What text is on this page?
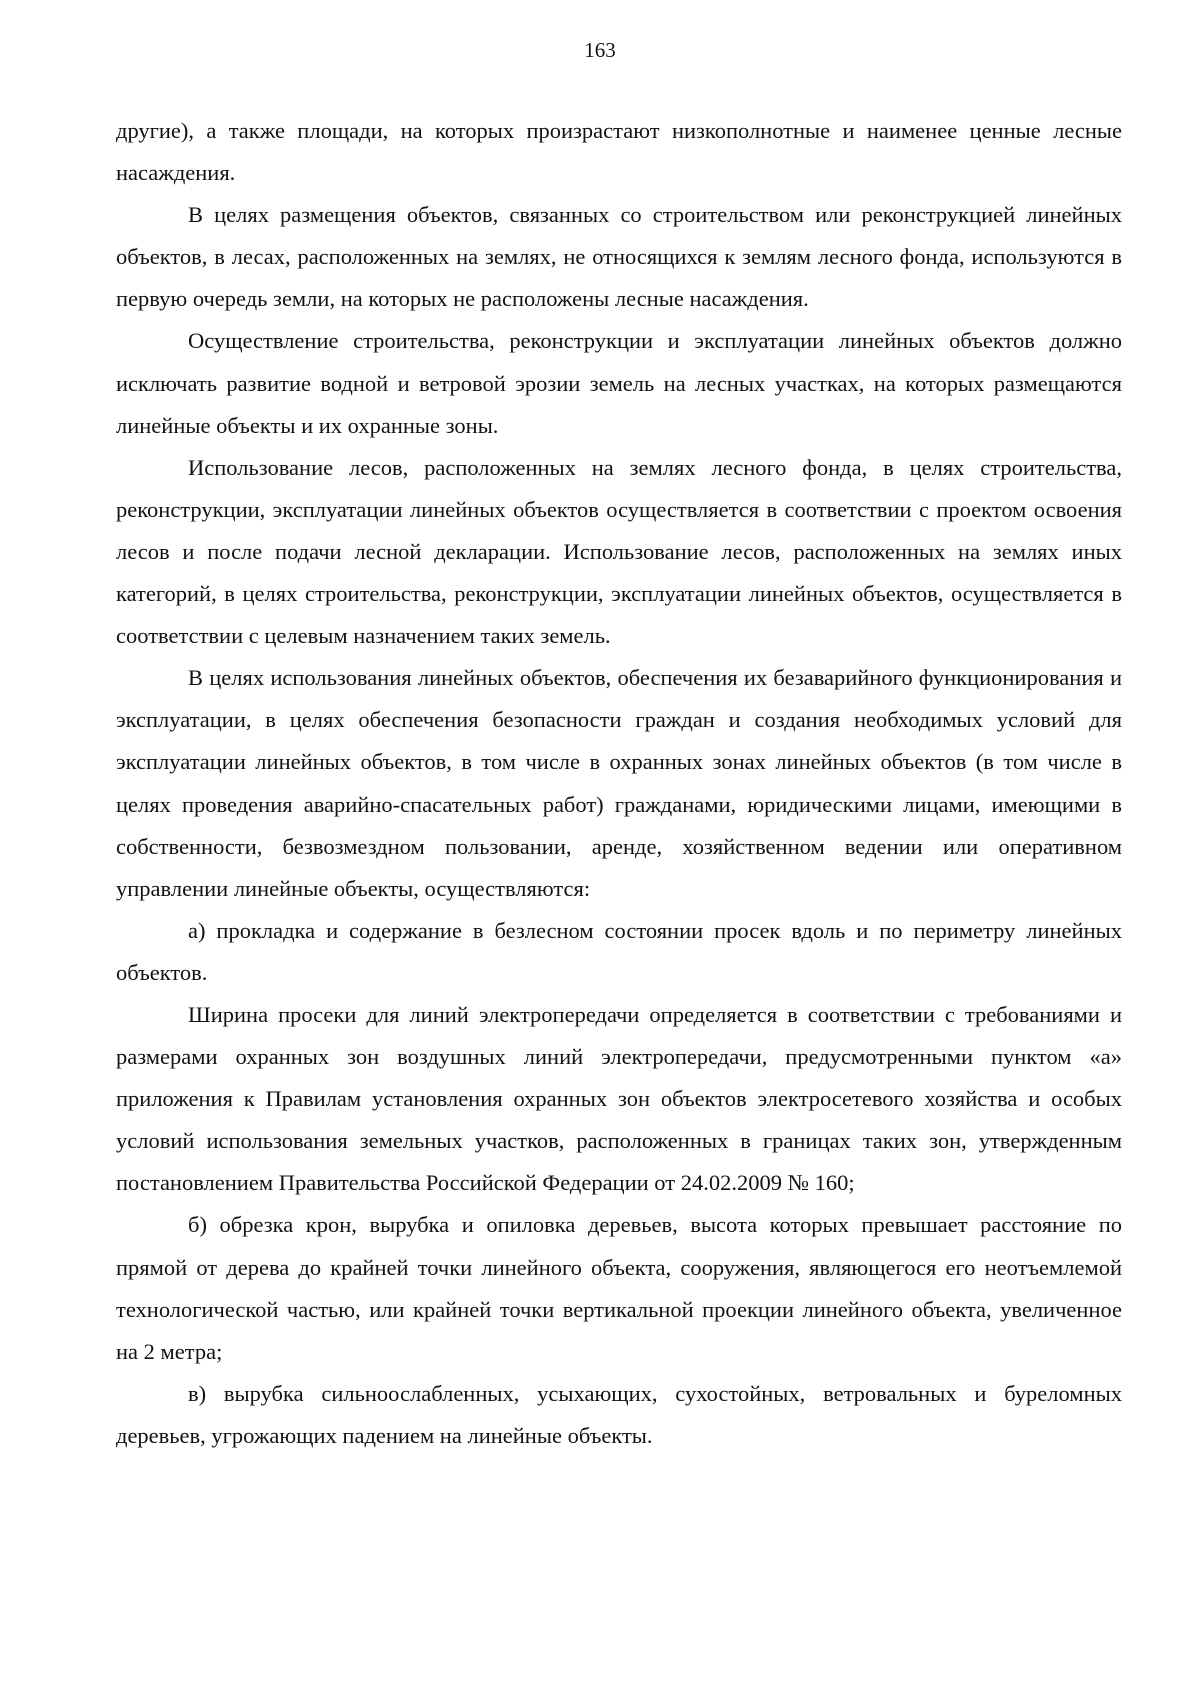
163

другие), а также площади, на которых произрастают низкополнотные и наименее ценные лесные насаждения.

В целях размещения объектов, связанных со строительством или реконструкцией линейных объектов, в лесах, расположенных на землях, не относящихся к землям лесного фонда, используются в первую очередь земли, на которых не расположены лесные насаждения.

Осуществление строительства, реконструкции и эксплуатации линейных объектов должно исключать развитие водной и ветровой эрозии земель на лесных участках, на которых размещаются линейные объекты и их охранные зоны.

Использование лесов, расположенных на землях лесного фонда, в целях строительства, реконструкции, эксплуатации линейных объектов осуществляется в соответствии с проектом освоения лесов и после подачи лесной декларации. Использование лесов, расположенных на землях иных категорий, в целях строительства, реконструкции, эксплуатации линейных объектов, осуществляется в соответствии с целевым назначением таких земель.

В целях использования линейных объектов, обеспечения их безаварийного функционирования и эксплуатации, в целях обеспечения безопасности граждан и создания необходимых условий для эксплуатации линейных объектов, в том числе в охранных зонах линейных объектов (в том числе в целях проведения аварийно-спасательных работ) гражданами, юридическими лицами, имеющими в собственности, безвозмездном пользовании, аренде, хозяйственном ведении или оперативном управлении линейные объекты, осуществляются:

а) прокладка и содержание в безлесном состоянии просек вдоль и по периметру линейных объектов.

Ширина просеки для линий электропередачи определяется в соответствии с требованиями и размерами охранных зон воздушных линий электропередачи, предусмотренными пунктом «а» приложения к Правилам установления охранных зон объектов электросетевого хозяйства и особых условий использования земельных участков, расположенных в границах таких зон, утвержденным постановлением Правительства Российской Федерации от 24.02.2009 № 160;

б) обрезка крон, вырубка и опиловка деревьев, высота которых превышает расстояние по прямой от дерева до крайней точки линейного объекта, сооружения, являющегося его неотъемлемой технологической частью, или крайней точки вертикальной проекции линейного объекта, увеличенное на 2 метра;

в) вырубка сильноослабленных, усыхающих, сухостойных, ветровальных и буреломных деревьев, угрожающих падением на линейные объекты.
